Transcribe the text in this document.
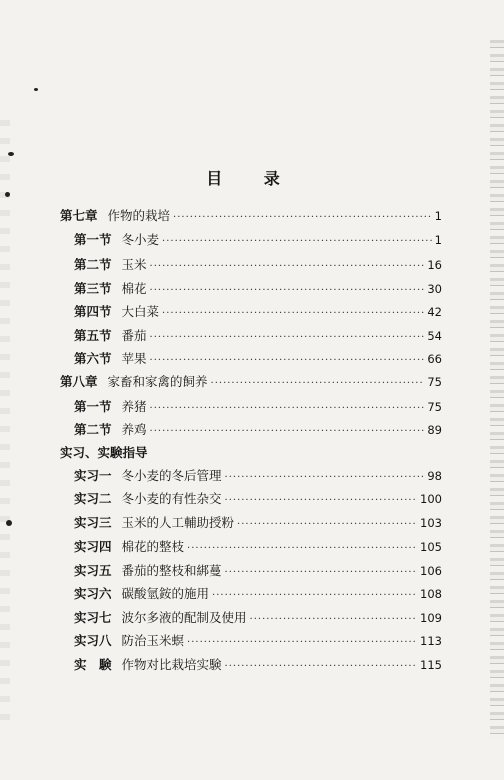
目 录
第七章 作物的栽培 ·····	1
第一节 冬小麦 ·····	1
第二节 玉米 ·····	16
第三节 棉花 ·····	30
第四节 大白菜 ·····	42
第五节 番茄 ·····	54
第六节 苹果 ·····	66
第八章 家畜和家禽的飼养 ·····	75
第一节 养猪 ·····	75
第二节 养鸡 ·····	89
实习、实験指导
实习一 冬小麦的冬后管理 ·····	98
实习二 冬小麦的有性杂交 ·····	100
实习三 玉米的人工輔助授粉 ·····	103
实习四 棉花的整枝 ·····	105
实习五 番茄的整枝和綁蔓 ·····	106
实习六 碳酸氫銨的施用 ·····	108
实习七 波尔多液的配制及使用 ·····	109
实习八 防治玉米螟 ·····	113
实　験 作物对比栽培实験 ·····	115
